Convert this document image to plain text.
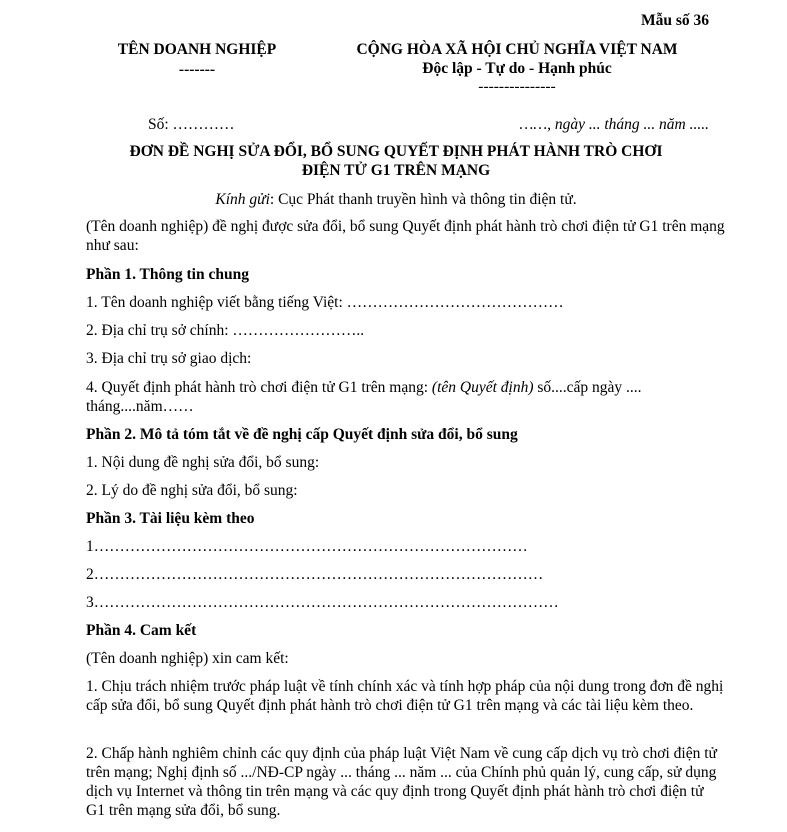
Mẫu số 36
TÊN DOANH NGHIỆP
-------
CỘNG HÒA XÃ HỘI CHỦ NGHĨA VIỆT NAM
Độc lập - Tự do - Hạnh phúc
---------------
Số: …………	……, ngày ... tháng ... năm .....
ĐƠN ĐỀ NGHỊ SỬA ĐỔI, BỔ SUNG QUYẾT ĐỊNH PHÁT HÀNH TRÒ CHƠI
ĐIỆN TỬ G1 TRÊN MẠNG
Kính gửi: Cục Phát thanh truyền hình và thông tin điện tử.
(Tên doanh nghiệp) đề nghị được sửa đổi, bổ sung Quyết định phát hành trò chơi điện tử G1 trên mạng như sau:
Phần 1. Thông tin chung
1. Tên doanh nghiệp viết bằng tiếng Việt: ……………………………………
2. Địa chỉ trụ sở chính: ……………………..
3. Địa chỉ trụ sở giao dịch:
4. Quyết định phát hành trò chơi điện tử G1 trên mạng: (tên Quyết định) số....cấp ngày .... tháng....năm……
Phần 2. Mô tả tóm tắt về đề nghị cấp Quyết định sửa đổi, bổ sung
1. Nội dung đề nghị sửa đổi, bổ sung:
2. Lý do đề nghị sửa đổi, bổ sung:
Phần 3. Tài liệu kèm theo
1…………………………………………………………………………
2……………………………………………………………………………
3………………………………………………………………………………
Phần 4. Cam kết
(Tên doanh nghiệp) xin cam kết:
1. Chịu trách nhiệm trước pháp luật về tính chính xác và tính hợp pháp của nội dung trong đơn đề nghị cấp sửa đổi, bổ sung Quyết định phát hành trò chơi điện tử G1 trên mạng và các tài liệu kèm theo.
2. Chấp hành nghiêm chỉnh các quy định của pháp luật Việt Nam về cung cấp dịch vụ trò chơi điện tử trên mạng; Nghị định số .../NĐ-CP ngày ... tháng ... năm ... của Chính phủ quản lý, cung cấp, sử dụng dịch vụ Internet và thông tin trên mạng và các quy định trong Quyết định phát hành trò chơi điện tử G1 trên mạng sửa đổi, bổ sung.
